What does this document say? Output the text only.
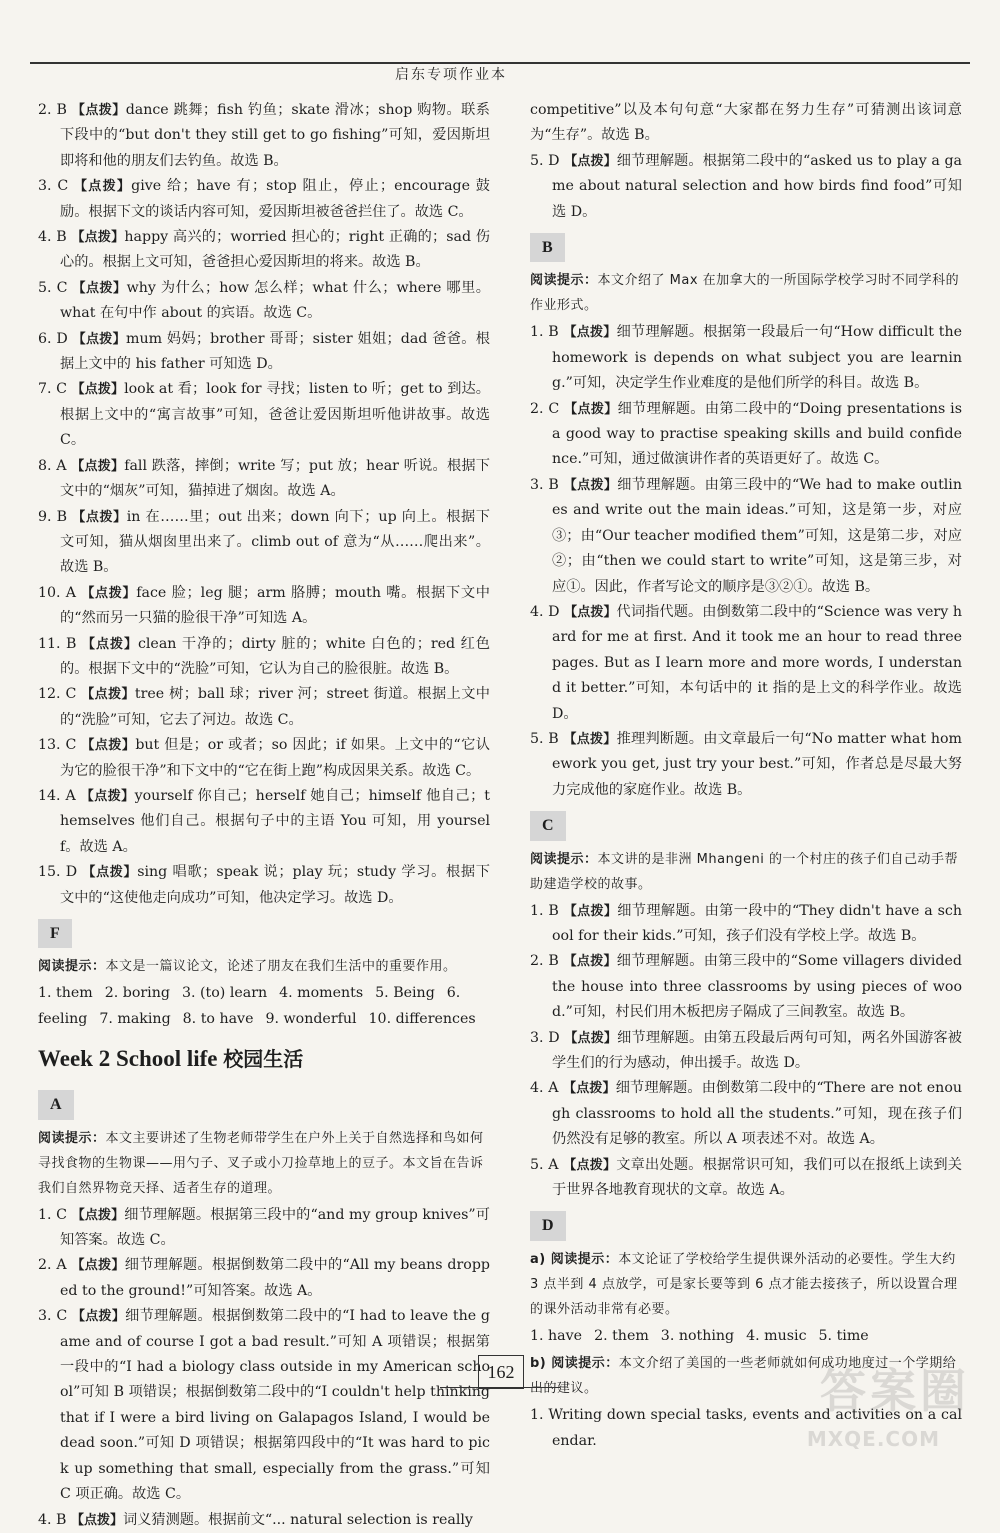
启东专项作业本

2. B 【点拨】dance 跳舞；fish 钓鱼；skate 滑冰；shop 购物。联系下段中的“but don't they still get to go fishing”可知，爱因斯坦即将和他的朋友们去钓鱼。故选 B。

3. C 【点拨】give 给；have 有；stop 阻止，停止；encourage 鼓励。根据下文的谈话内容可知，爱因斯坦被爸爸拦住了。故选 C。

4. B 【点拨】happy 高兴的；worried 担心的；right 正确的；sad 伤心的。根据上文可知，爸爸担心爱因斯坦的将来。故选 B。

5. C 【点拨】why 为什么；how 怎么样；what 什么；where 哪里。what 在句中作 about 的宾语。故选 C。

6. D 【点拨】mum 妈妈；brother 哥哥；sister 姐姐；dad 爸爸。根据上文中的 his father 可知选 D。

7. C 【点拨】look at 看；look for 寻找；listen to 听；get to 到达。根据上文中的“寓言故事”可知，爸爸让爱因斯坦听他讲故事。故选 C。

8. A 【点拨】fall 跌落，摔倒；write 写；put 放；hear 听说。根据下文中的“烟灰”可知，猫掉进了烟囱。故选 A。

9. B 【点拨】in 在……里；out 出来；down 向下；up 向上。根据下文可知，猫从烟囱里出来了。climb out of 意为“从……爬出来”。故选 B。

10. A 【点拨】face 脸；leg 腿；arm 胳膊；mouth 嘴。根据下文中的“然而另一只猫的脸很干净”可知选 A。

11. B 【点拨】clean 干净的；dirty 脏的；white 白色的；red 红色的。根据下文中的“洗脸”可知，它认为自己的脸很脏。故选 B。

12. C 【点拨】tree 树；ball 球；river 河；street 街道。根据上文中的“洗脸”可知，它去了河边。故选 C。

13. C 【点拨】but 但是；or 或者；so 因此；if 如果。上文中的“它认为它的脸很干净”和下文中的“它在街上跑”构成因果关系。故选 C。

14. A 【点拨】yourself 你自己；herself 她自己；himself 他自己；themselves 他们自己。根据句子中的主语 You 可知，用 yourself。故选 A。

15. D 【点拨】sing 唱歌；speak 说；play 玩；study 学习。根据下文中的“这使他走向成功”可知，他决定学习。故选 D。

F

阅读提示：本文是一篇议论文，论述了朋友在我们生活中的重要作用。

1. them 2. boring 3. (to) learn 4. moments 5. Being 6. feeling 7. making 8. to have 9. wonderful 10. differences

Week 2 School life 校园生活
A

阅读提示：本文主要讲述了生物老师带学生在户外上关于自然选择和鸟如何寻找食物的生物课——用勺子、叉子或小刀捡草地上的豆子。本文旨在告诉我们自然界物竞天择、适者生存的道理。

1. C 【点拨】细节理解题。根据第三段中的“and my group knives”可知答案。故选 C。

2. A 【点拨】细节理解题。根据倒数第二段中的“All my beans dropped to the ground!”可知答案。故选 A。

3. C 【点拨】细节理解题。根据倒数第二段中的“I had to leave the game and of course I got a bad result.”可知 A 项错误；根据第一段中的“I had a biology class outside in my American school”可知 B 项错误；根据倒数第二段中的“I couldn't help thinking that if I were a bird living on Galapagos Island, I would be dead soon.”可知 D 项错误；根据第四段中的“It was hard to pick up something that small, especially from the grass.”可知 C 项正确。故选 C。

4. B 【点拨】词义猜测题。根据前文“... natural selection is really

competitive”以及本句句意“大家都在努力生存”可猜测出该词意为“生存”。故选 B。

5. D 【点拨】细节理解题。根据第二段中的“asked us to play a game about natural selection and how birds find food”可知选 D。

B

阅读提示：本文介绍了 Max 在加拿大的一所国际学校学习时不同学科的作业形式。

1. B 【点拨】细节理解题。根据第一段最后一句“How difficult the homework is depends on what subject you are learning.”可知，决定学生作业难度的是他们所学的科目。故选 B。

2. C 【点拨】细节理解题。由第二段中的“Doing presentations is a good way to practise speaking skills and build confidence.”可知，通过做演讲作者的英语更好了。故选 C。

3. B 【点拨】细节理解题。由第三段中的“We had to make outlines and write out the main ideas.”可知，这是第一步，对应③；由“Our teacher modified them”可知，这是第二步，对应②；由“then we could start to write”可知，这是第三步，对应①。因此，作者写论文的顺序是③②①。故选 B。

4. D 【点拨】代词指代题。由倒数第二段中的“Science was very hard for me at first. And it took me an hour to read three pages. But as I learn more and more words, I understand it better.”可知，本句话中的 it 指的是上文的科学作业。故选 D。

5. B 【点拨】推理判断题。由文章最后一句“No matter what homework you get, just try your best.”可知，作者总是尽最大努力完成他的家庭作业。故选 B。

C

阅读提示：本文讲的是非洲 Mhangeni 的一个村庄的孩子们自己动手帮助建造学校的故事。

1. B 【点拨】细节理解题。由第一段中的“They didn't have a school for their kids.”可知，孩子们没有学校上学。故选 B。

2. B 【点拨】细节理解题。由第三段中的“Some villagers divided the house into three classrooms by using pieces of wood.”可知，村民们用木板把房子隔成了三间教室。故选 B。

3. D 【点拨】细节理解题。由第五段最后两句可知，两名外国游客被学生们的行为感动，伸出援手。故选 D。

4. A 【点拨】细节理解题。由倒数第二段中的“There are not enough classrooms to hold all the students.”可知，现在孩子们仍然没有足够的教室。所以 A 项表述不对。故选 A。

5. A 【点拨】文章出处题。根据常识可知，我们可以在报纸上读到关于世界各地教育现状的文章。故选 A。

D

a) 阅读提示：本文论证了学校给学生提供课外活动的必要性。学生大约 3 点半到 4 点放学，可是家长要等到 6 点才能去接孩子，所以设置合理的课外活动非常有必要。

1. have 2. them 3. nothing 4. music 5. time

b) 阅读提示：本文介绍了美国的一些老师就如何成功地度过一个学期给出的建议。

1. Writing down special tasks, events and activities on a calendar.

162	答案圈
MXQE.COM
